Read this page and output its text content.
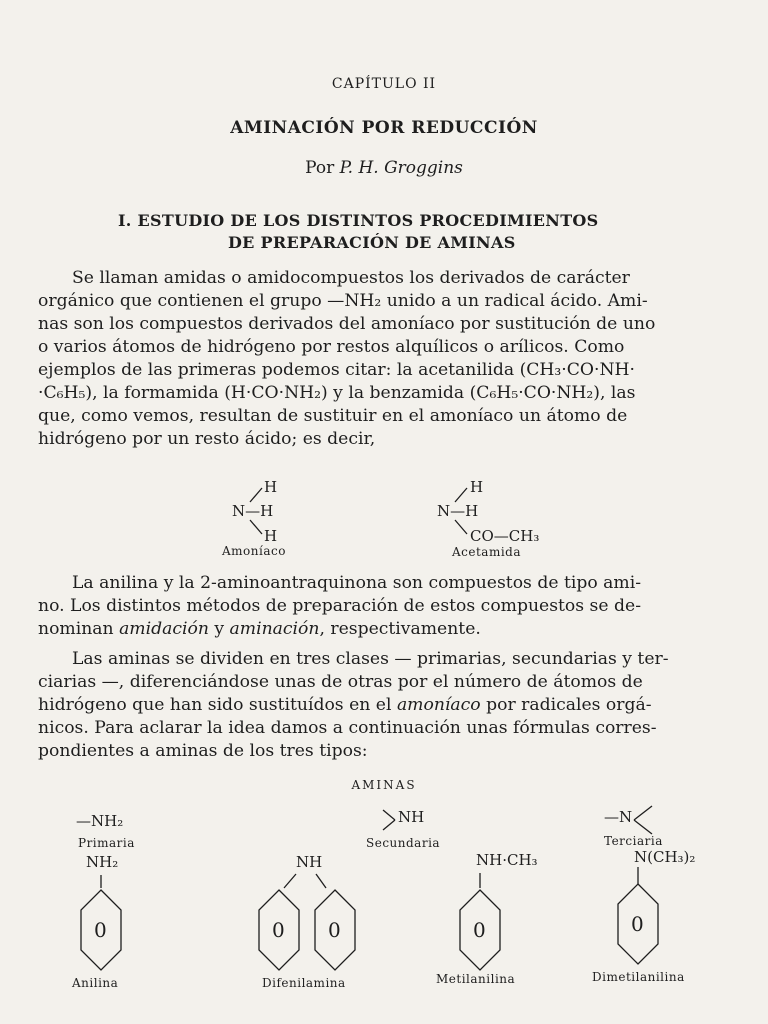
CAPÍTULO II
AMINACIÓN POR REDUCCIÓN
Por P. H. Groggins
I. ESTUDIO DE LOS DISTINTOS PROCEDIMIENTOS
DE PREPARACIÓN DE AMINAS
Se llaman amidas o amidocompuestos los derivados de carácter
orgánico que contienen el grupo —NH₂ unido a un radical ácido. Ami-
nas son los compuestos derivados del amoníaco por sustitución de uno
o varios átomos de hidrógeno por restos alquílicos o arílicos. Como
ejemplos de las primeras podemos citar: la acetanilida (CH₃·CO·NH·
·C₆H₅), la formamida (H·CO·NH₂) y la benzamida (C₆H₅·CO·NH₂), las
que, como vemos, resultan de sustituir en el amoníaco un átomo de
hidrógeno por un resto ácido; es decir,
H
N—H
H
Amoníaco
H
N—H
CO—CH₃
Acetamida
La anilina y la 2-aminoantraquinona son compuestos de tipo ami-
no. Los distintos métodos de preparación de estos compuestos se de-
nominan amidación y aminación, respectivamente.
Las aminas se dividen en tres clases — primarias, secundarias y ter-
ciarias —, diferenciándose unas de otras por el número de átomos de
hidrógeno que han sido sustituídos en el amoníaco por radicales orgá-
nicos. Para aclarar la idea damos a continuación unas fórmulas corres-
pondientes a aminas de los tres tipos:
AMINAS
—NH₂
Primaria
NH
Secundaria
—N
Terciaria
NH₂
0
Anilina
NH
0 0
Difenilamina
NH·CH₃
0
Metilanilina
N(CH₃)₂
0
Dimetilanilina
